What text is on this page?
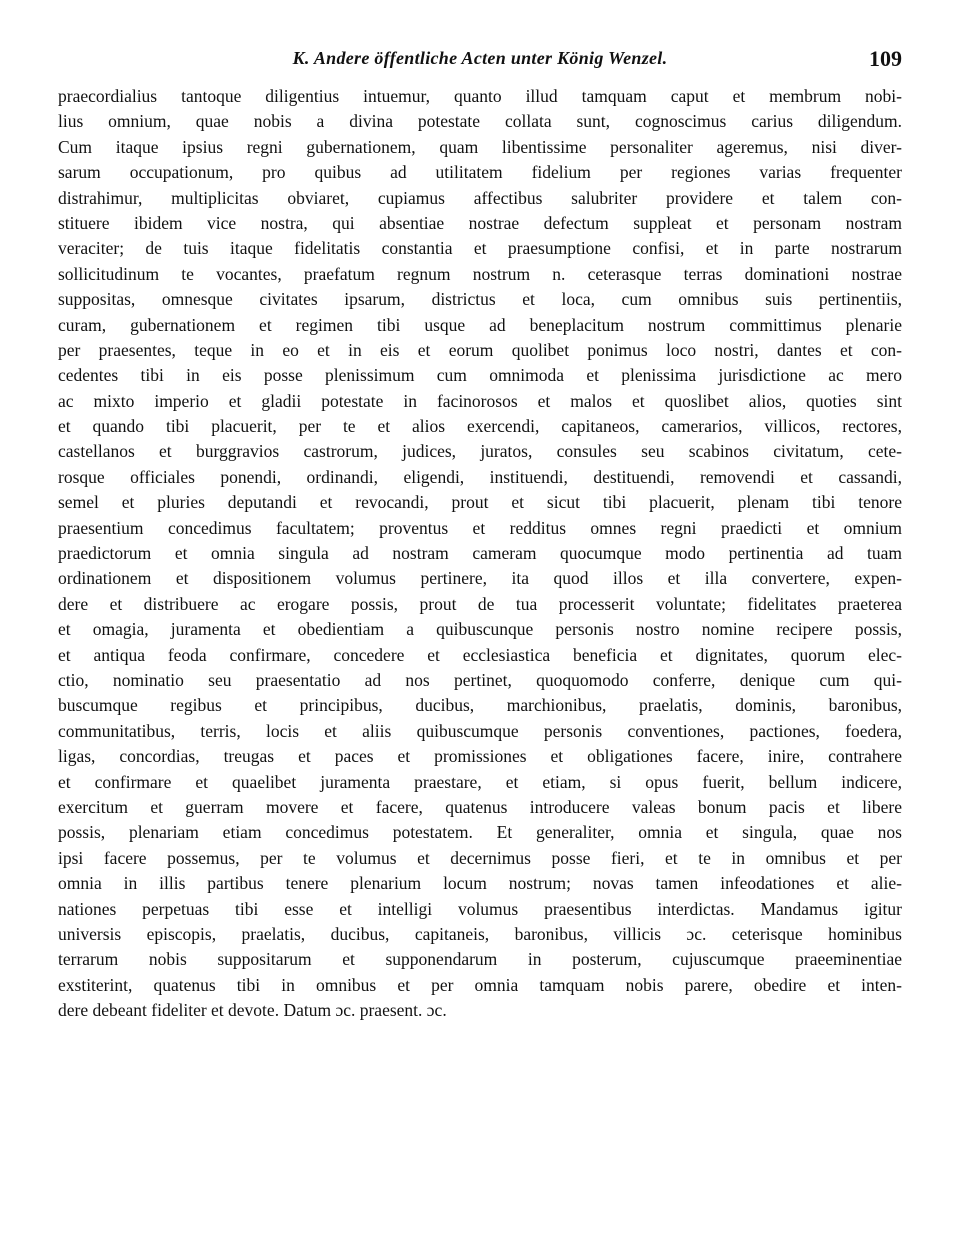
K. Andere öffentliche Acten unter König Wenzel.	109
praecordialius tantoque diligentius intuemur, quanto illud tamquam caput et membrum nobi-
lius omnium, quae nobis a divina potestate collata sunt, cognoscimus carius diligendum.
Cum itaque ipsius regni gubernationem, quam libentissime personaliter ageremus, nisi diver-
sarum occupationum, pro quibus ad utilitatem fidelium per regiones varias frequenter
distrahimur, multiplicitas obviaret, cupiamus affectibus salubriter providere et talem con-
stituere ibidem vice nostra, qui absentiae nostrae defectum suppleat et personam nostram
veraciter; de tuis itaque fidelitatis constantia et praesumptione confisi, et in parte nostrarum
sollicitudinum te vocantes, praefatum regnum nostrum n. ceterasque terras dominationi nostrae
suppositas, omnesque civitates ipsarum, districtus et loca, cum omnibus suis pertinentiis,
curam, gubernationem et regimen tibi usque ad beneplacitum nostrum committimus plenarie
per praesentes, teque in eo et in eis et eorum quolibet ponimus loco nostri, dantes et con-
cedentes tibi in eis posse plenissimum cum omnimoda et plenissima jurisdictione ac mero
ac mixto imperio et gladii potestate in facinorosos et malos et quoslibet alios, quoties sint
et quando tibi placuerit, per te et alios exercendi, capitaneos, camerarios, villicos, rectores,
castellanos et burggravios castrorum, judices, juratos, consules seu scabinos civitatum, cete-
rosque officiales ponendi, ordinandi, eligendi, instituendi, destituendi, removendi et cassandi,
semel et pluries deputandi et revocandi, prout et sicut tibi placuerit, plenam tibi tenore
praesentium concedimus facultatem; proventus et redditus omnes regni praedicti et omnium
praedictorum et omnia singula ad nostram cameram quocumque modo pertinentia ad tuam
ordinationem et dispositionem volumus pertinere, ita quod illos et illa convertere, expen-
dere et distribuere ac erogare possis, prout de tua processerit voluntate; fidelitates praeterea
et omagia, juramenta et obedientiam a quibuscunque personis nostro nomine recipere possis,
et antiqua feoda confirmare, concedere et ecclesiastica beneficia et dignitates, quorum elec-
ctio, nominatio seu praesentatio ad nos pertinet, quoquomodo conferre, denique cum qui-
buscumque regibus et principibus, ducibus, marchionibus, praelatis, dominis, baronibus,
communitatibus, terris, locis et aliis quibuscumque personis conventiones, pactiones, foedera,
ligas, concordias, treugas et paces et promissiones et obligationes facere, inire, contrahere
et confirmare et quaelibet juramenta praestare, et etiam, si opus fuerit, bellum indicere,
exercitum et guerram movere et facere, quatenus introducere valeas bonum pacis et libere
possis, plenariam etiam concedimus potestatem. Et generaliter, omnia et singula, quae nos
ipsi facere possemus, per te volumus et decernimus posse fieri, et te in omnibus et per
omnia in illis partibus tenere plenarium locum nostrum; novas tamen infeodationes et alie-
nationes perpetuas tibi esse et intelligi volumus praesentibus interdictas. Mandamus igitur
universis episcopis, praelatis, ducibus, capitaneis, baronibus, villicis ɔc. ceterisque hominibus
terrarum nobis suppositarum et supponendarum in posterum, cujuscumque praeeminentiae
exstiterint, quatenus tibi in omnibus et per omnia tamquam nobis parere, obedire et inten-
dere debeant fideliter et devote. Datum ɔc. praesent. ɔc.
